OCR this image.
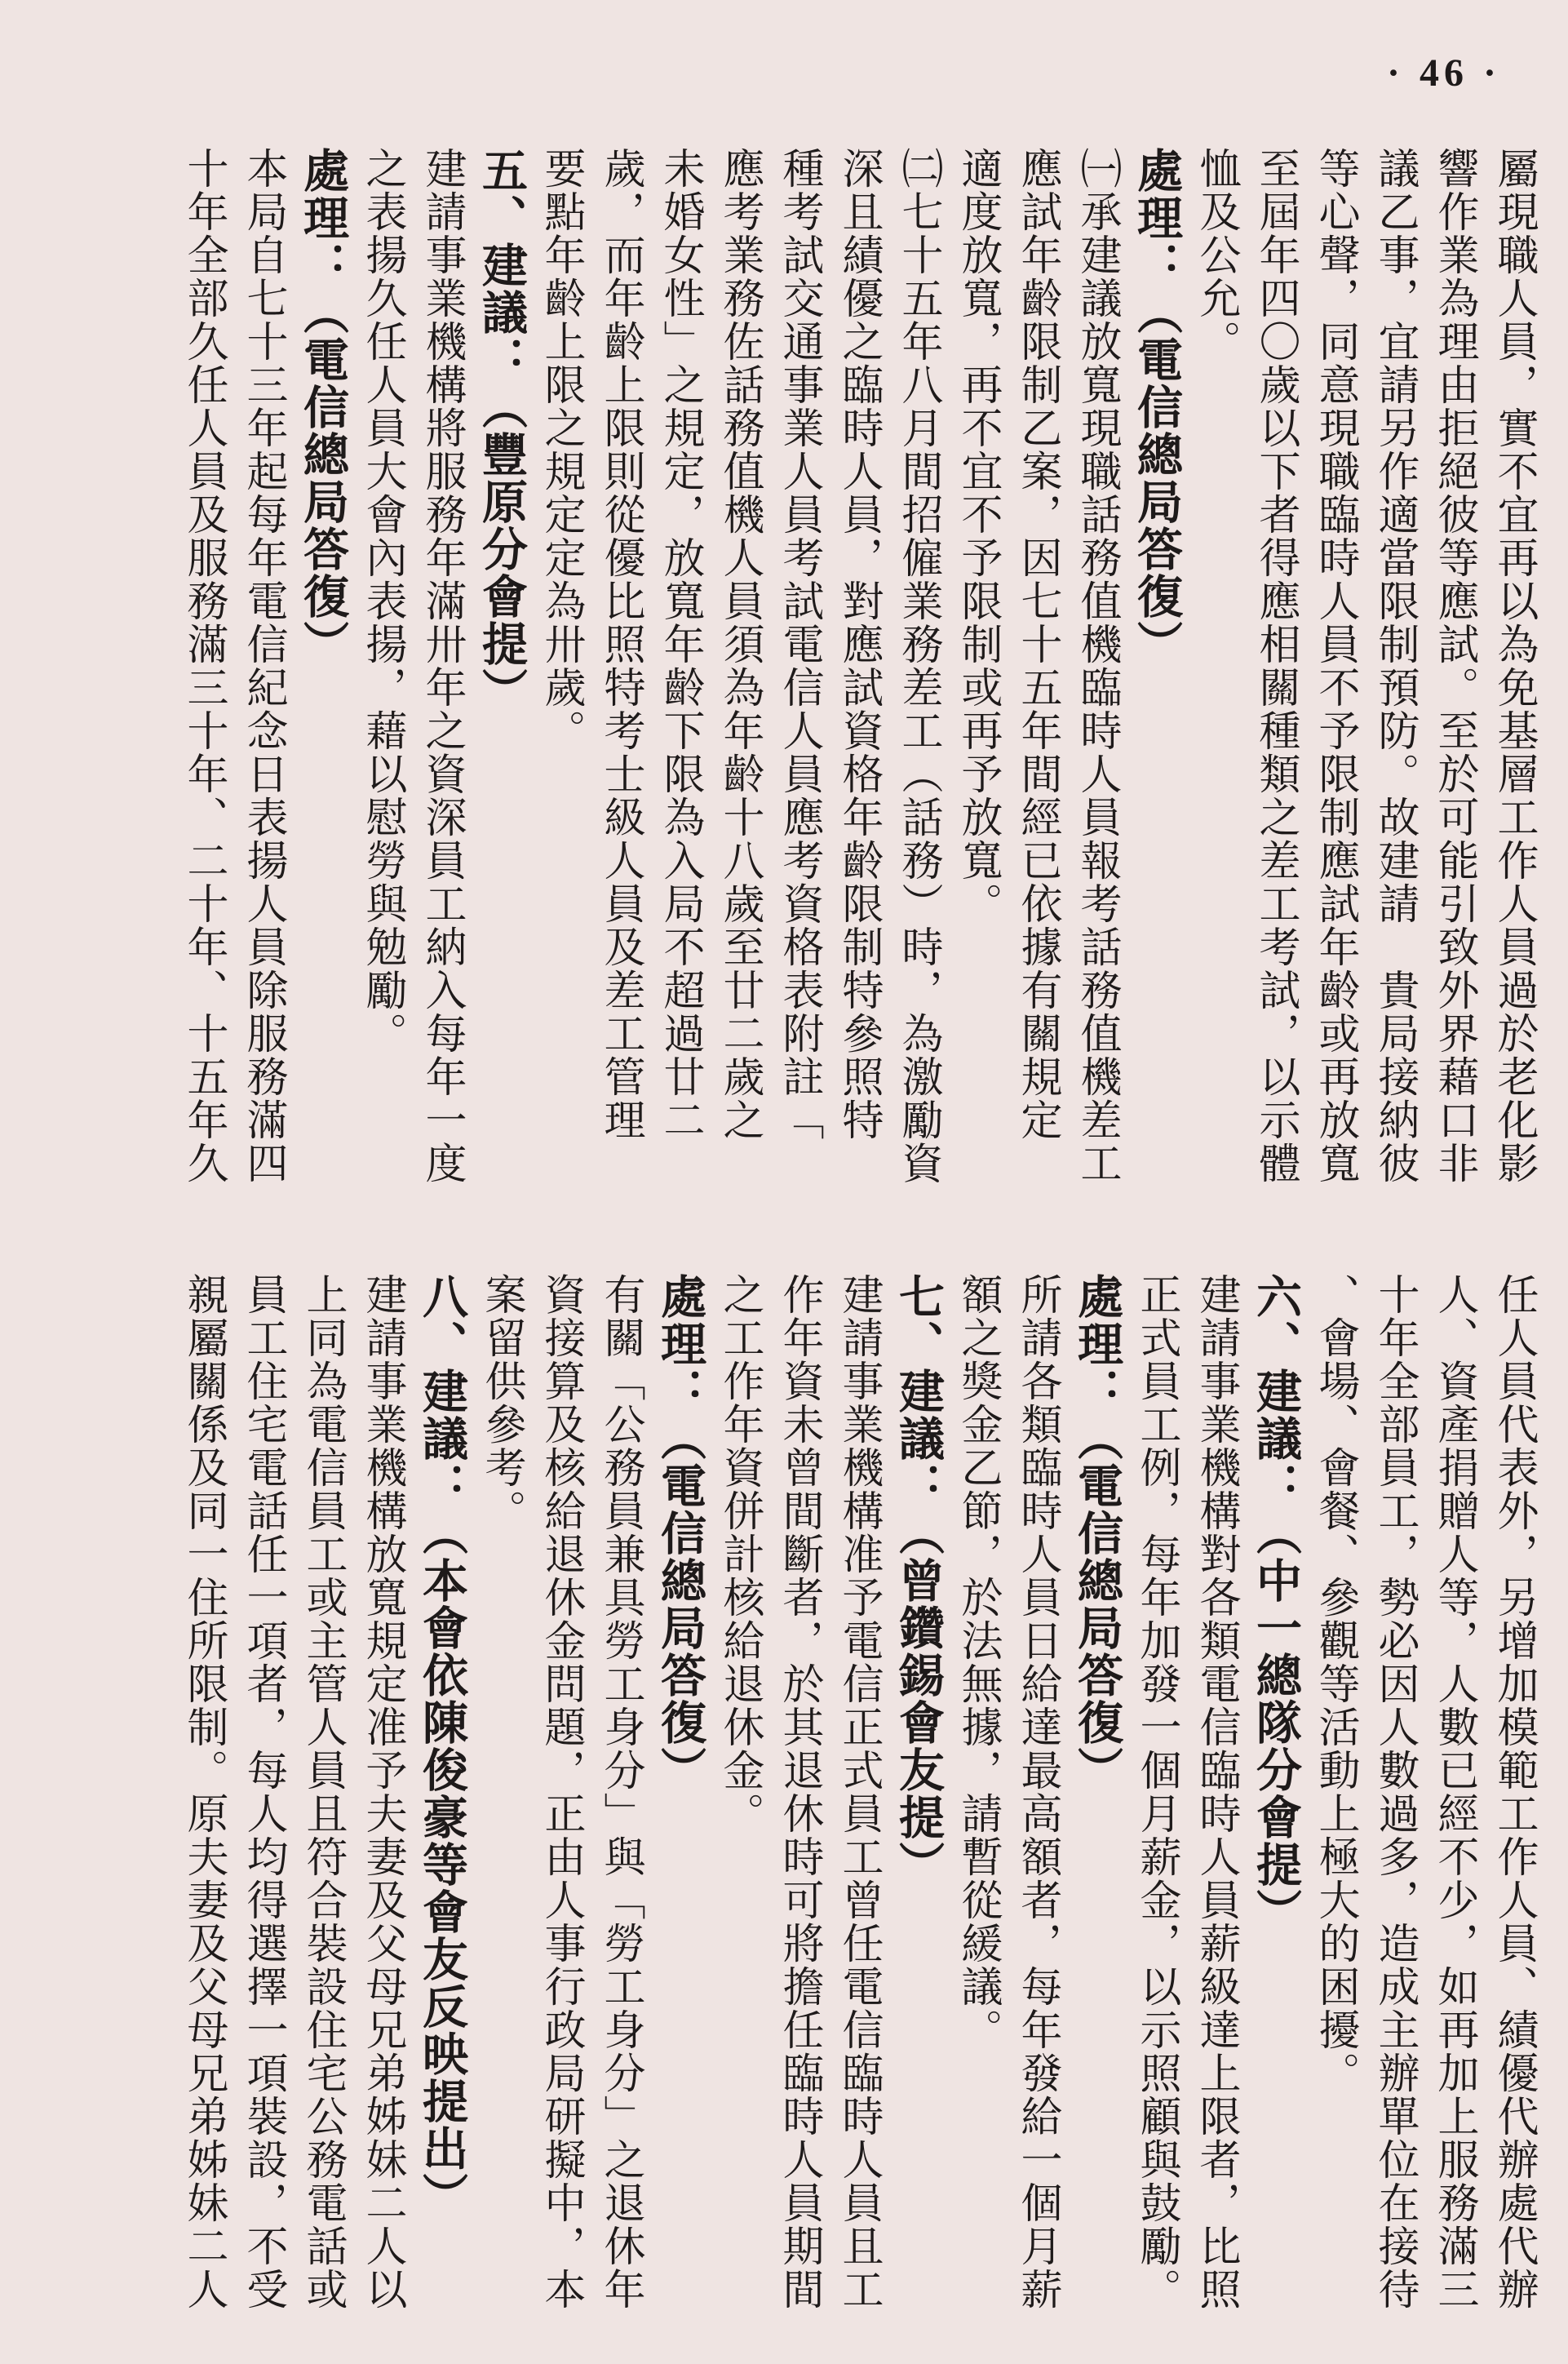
· 46 ·
屬現職人員，實不宜再以為免基層工作人員過於老化影
響作業為理由拒絕彼等應試。至於可能引致外界藉口非
議乙事，宜請另作適當限制預防。故建請　貴局接納彼
等心聲，同意現職臨時人員不予限制應試年齡或再放寬
至屆年四〇歲以下者得應相關種類之差工考試，以示體
恤及公允。
處理：（電信總局答復）
㈠承建議放寬現職話務值機臨時人員報考話務值機差工
應試年齡限制乙案，因七十五年間經已依據有關規定
適度放寬，再不宜不予限制或再予放寬。
㈡七十五年八月間招僱業務差工（話務）時，為激勵資
深且績優之臨時人員，對應試資格年齡限制特參照特
種考試交通事業人員考試電信人員應考資格表附註「
應考業務佐話務值機人員須為年齡十八歲至廿二歲之
未婚女性」之規定，放寬年齡下限為入局不超過廿二
歲，而年齡上限則從優比照特考士級人員及差工管理
要點年齡上限之規定定為卅歲。
五、建議：（豐原分會提）
建請事業機構將服務年滿卅年之資深員工納入每年一度
之表揚久任人員大會內表揚，藉以慰勞與勉勵。
處理：（電信總局答復）
本局自七十三年起每年電信紀念日表揚人員除服務滿四
十年全部久任人員及服務滿三十年、二十年、十五年久
任人員代表外，另增加模範工作人員、績優代辦處代辦
人、資產捐贈人等，人數已經不少，如再加上服務滿三
十年全部員工，勢必因人數過多，造成主辦單位在接待
、會場、會餐、參觀等活動上極大的困擾。
六、建議：（中一總隊分會提）
建請事業機構對各類電信臨時人員薪級達上限者，比照
正式員工例，每年加發一個月薪金，以示照顧與鼓勵。
處理：（電信總局答復）
所請各類臨時人員日給達最高額者，每年發給一個月薪
額之獎金乙節，於法無據，請暫從緩議。
七、建議：（曾鑽錫會友提）
建請事業機構准予電信正式員工曾任電信臨時人員且工
作年資未曾間斷者，於其退休時可將擔任臨時人員期間
之工作年資併計核給退休金。
處理：（電信總局答復）
有關「公務員兼具勞工身分」與「勞工身分」之退休年
資接算及核給退休金問題，正由人事行政局研擬中，本
案留供參考。
八、建議：（本會依陳俊豪等會友反映提出）
建請事業機構放寬規定准予夫妻及父母兄弟姊妹二人以
上同為電信員工或主管人員且符合裝設住宅公務電話或
員工住宅電話任一項者，每人均得選擇一項裝設，不受
親屬關係及同一住所限制。原夫妻及父母兄弟姊妹二人
